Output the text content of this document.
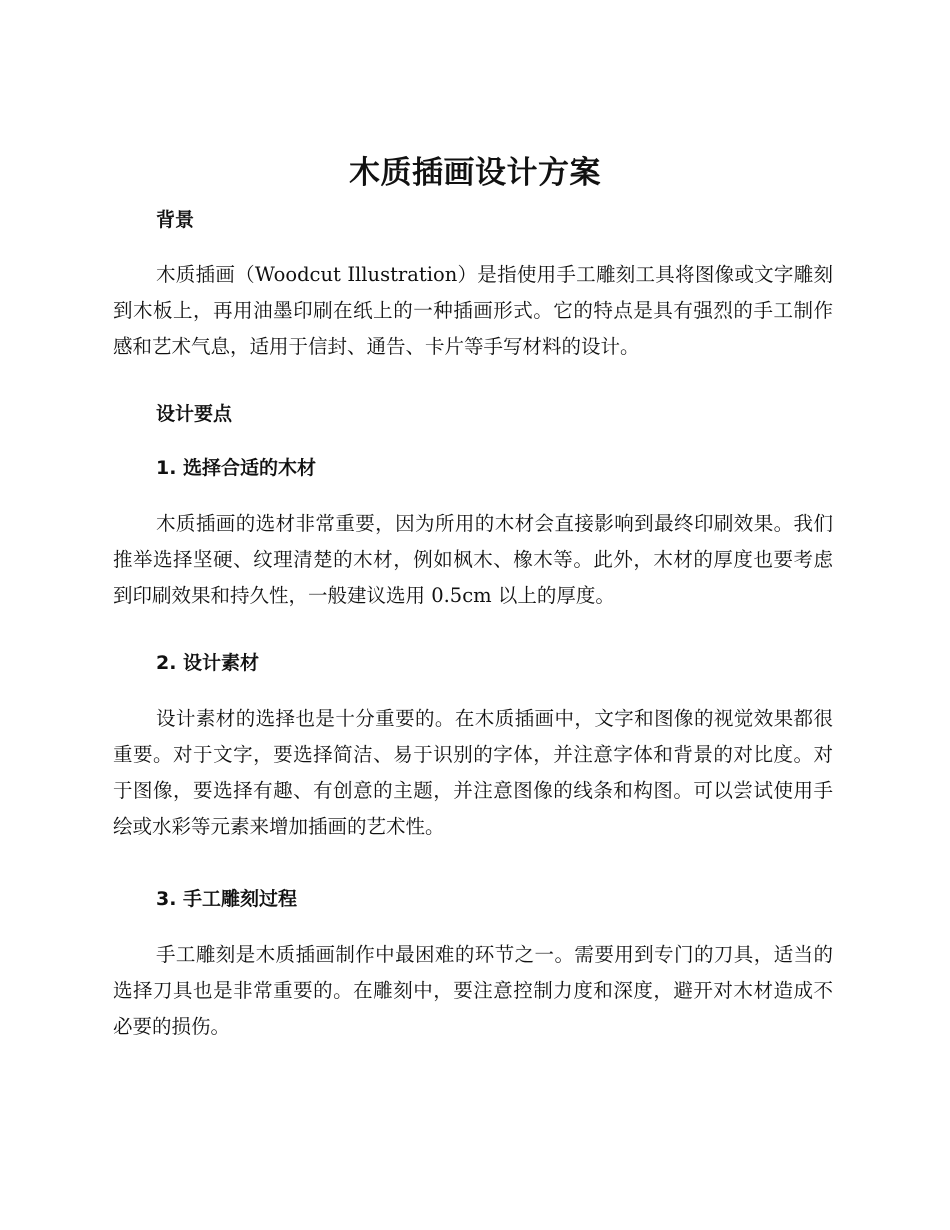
木质插画设计方案
背景

木质插画（Woodcut Illustration）是指使用手工雕刻工具将图像或文字雕刻到木板上，再用油墨印刷在纸上的一种插画形式。它的特点是具有强烈的手工制作感和艺术气息，适用于信封、通告、卡片等手写材料的设计。

设计要点
1. 选择合适的木材

木质插画的选材非常重要，因为所用的木材会直接影响到最终印刷效果。我们推举选择坚硬、纹理清楚的木材，例如枫木、橡木等。此外，木材的厚度也要考虑到印刷效果和持久性，一般建议选用 0.5cm 以上的厚度。

2. 设计素材

设计素材的选择也是十分重要的。在木质插画中，文字和图像的视觉效果都很重要。对于文字，要选择简洁、易于识别的字体，并注意字体和背景的对比度。对于图像，要选择有趣、有创意的主题，并注意图像的线条和构图。可以尝试使用手绘或水彩等元素来增加插画的艺术性。

3. 手工雕刻过程

手工雕刻是木质插画制作中最困难的环节之一。需要用到专门的刀具，适当的选择刀具也是非常重要的。在雕刻中，要注意控制力度和深度，避开对木材造成不必要的损伤。
